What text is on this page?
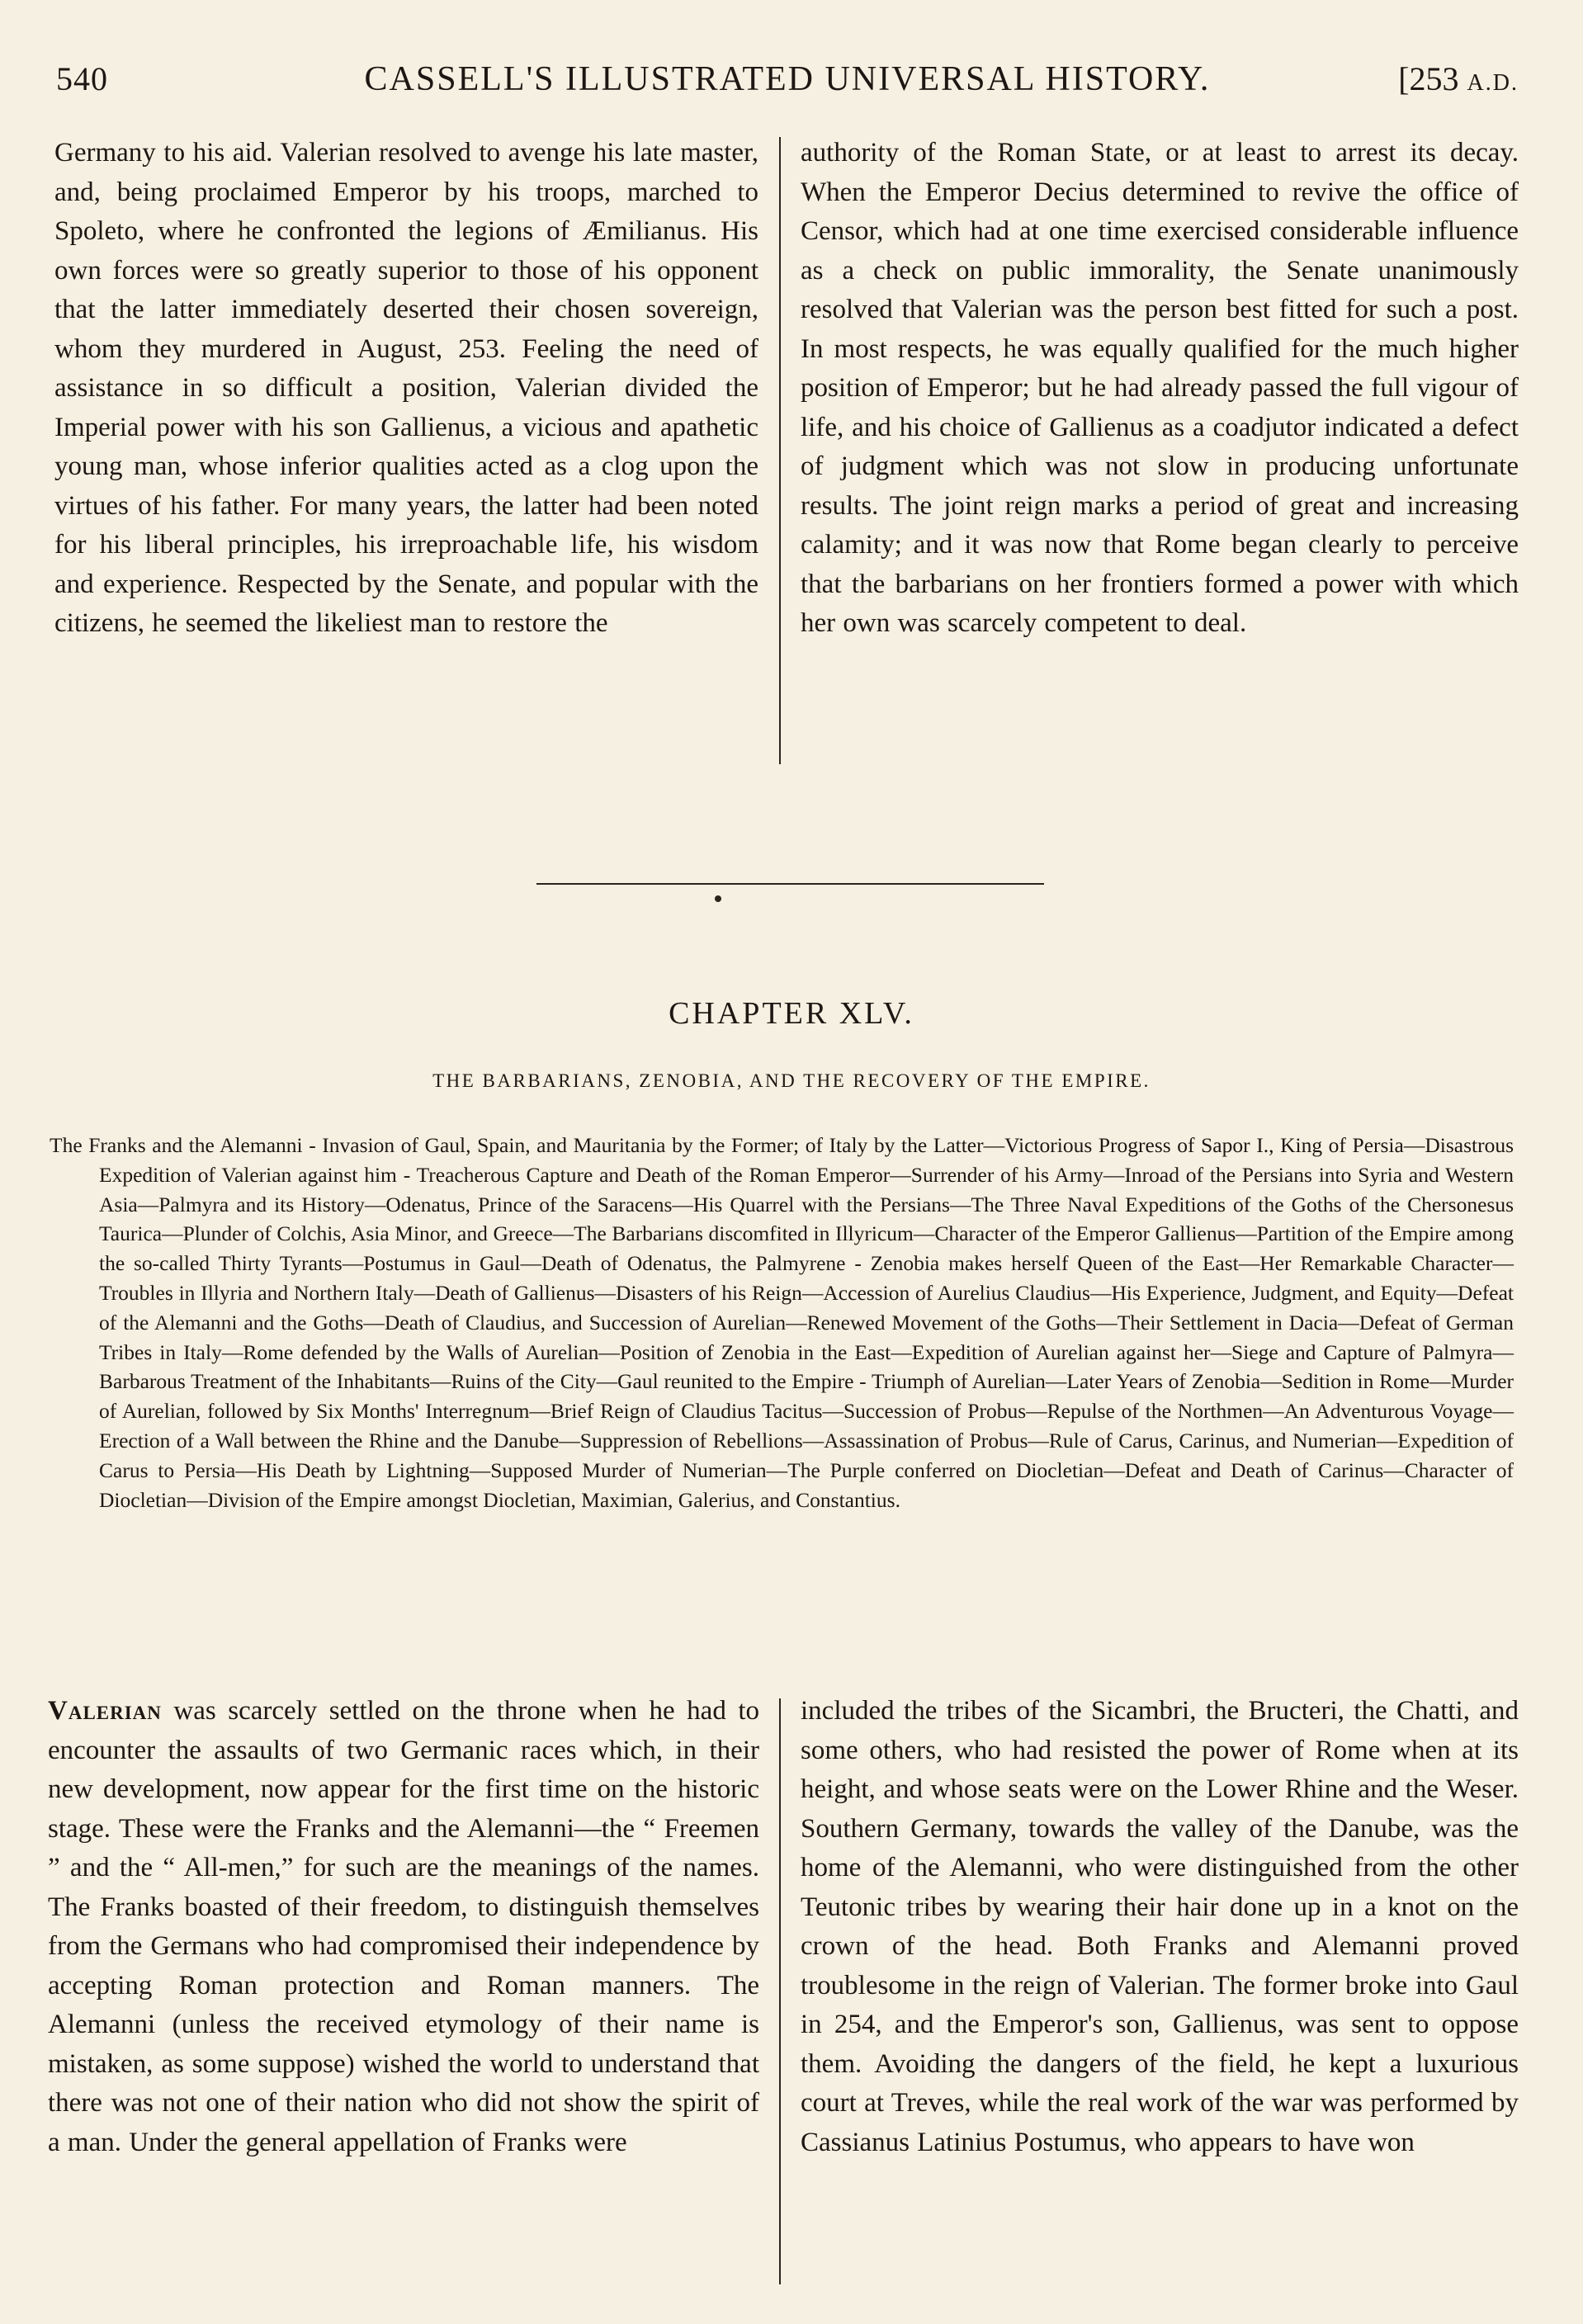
540	CASSELL'S ILLUSTRATED UNIVERSAL HISTORY.	[253 A.D.

Germany to his aid. Valerian resolved to avenge his late master, and, being proclaimed Emperor by his troops, marched to Spoleto, where he confronted the legions of Æmilianus. His own forces were so greatly superior to those of his opponent that the latter immediately deserted their chosen sovereign, whom they murdered in August, 253. Feeling the need of assistance in so difficult a position, Valerian divided the Imperial power with his son Gallienus, a vicious and apathetic young man, whose inferior qualities acted as a clog upon the virtues of his father. For many years, the latter had been noted for his liberal principles, his irreproachable life, his wisdom and experience. Respected by the Senate, and popular with the citizens, he seemed the likeliest man to restore the

authority of the Roman State, or at least to arrest its decay. When the Emperor Decius determined to revive the office of Censor, which had at one time exercised considerable influence as a check on public immorality, the Senate unanimously resolved that Valerian was the person best fitted for such a post. In most respects, he was equally qualified for the much higher position of Emperor; but he had already passed the full vigour of life, and his choice of Gallienus as a coadjutor indicated a defect of judgment which was not slow in producing unfortunate results. The joint reign marks a period of great and increasing calamity; and it was now that Rome began clearly to perceive that the barbarians on her frontiers formed a power with which her own was scarcely competent to deal.

CHAPTER XLV.
THE BARBARIANS, ZENOBIA, AND THE RECOVERY OF THE EMPIRE.
The Franks and the Alemanni - Invasion of Gaul, Spain, and Mauritania by the Former; of Italy by the Latter—Victorious Progress of Sapor I., King of Persia—Disastrous Expedition of Valerian against him - Treacherous Capture and Death of the Roman Emperor—Surrender of his Army—Inroad of the Persians into Syria and Western Asia—Palmyra and its History—Odenatus, Prince of the Saracens—His Quarrel with the Persians—The Three Naval Expeditions of the Goths of the Chersonesus Taurica—Plunder of Colchis, Asia Minor, and Greece—The Barbarians discomfited in Illyricum—Character of the Emperor Gallienus—Partition of the Empire among the so-called Thirty Tyrants—Postumus in Gaul—Death of Odenatus, the Palmyrene - Zenobia makes herself Queen of the East—Her Remarkable Character—Troubles in Illyria and Northern Italy—Death of Gallienus—Disasters of his Reign—Accession of Aurelius Claudius—His Experience, Judgment, and Equity—Defeat of the Alemanni and the Goths—Death of Claudius, and Succession of Aurelian—Renewed Movement of the Goths—Their Settlement in Dacia—Defeat of German Tribes in Italy—Rome defended by the Walls of Aurelian—Position of Zenobia in the East—Expedition of Aurelian against her—Siege and Capture of Palmyra—Barbarous Treatment of the Inhabitants—Ruins of the City—Gaul reunited to the Empire - Triumph of Aurelian—Later Years of Zenobia—Sedition in Rome—Murder of Aurelian, followed by Six Months' Interregnum—Brief Reign of Claudius Tacitus—Succession of Probus—Repulse of the Northmen—An Adventurous Voyage—Erection of a Wall between the Rhine and the Danube—Suppression of Rebellions—Assassination of Probus—Rule of Carus, Carinus, and Numerian—Expedition of Carus to Persia—His Death by Lightning—Supposed Murder of Numerian—The Purple conferred on Diocletian—Defeat and Death of Carinus—Character of Diocletian—Division of the Empire amongst Diocletian, Maximian, Galerius, and Constantius.

Valerian was scarcely settled on the throne when he had to encounter the assaults of two Germanic races which, in their new development, now appear for the first time on the historic stage. These were the Franks and the Alemanni—the “ Freemen ” and the “ All-men,” for such are the meanings of the names. The Franks boasted of their freedom, to distinguish themselves from the Germans who had compromised their independence by accepting Roman protection and Roman manners. The Alemanni (unless the received etymology of their name is mistaken, as some suppose) wished the world to understand that there was not one of their nation who did not show the spirit of a man. Under the general appellation of Franks were

included the tribes of the Sicambri, the Bructeri, the Chatti, and some others, who had resisted the power of Rome when at its height, and whose seats were on the Lower Rhine and the Weser. Southern Germany, towards the valley of the Danube, was the home of the Alemanni, who were distinguished from the other Teutonic tribes by wearing their hair done up in a knot on the crown of the head. Both Franks and Alemanni proved troublesome in the reign of Valerian. The former broke into Gaul in 254, and the Emperor's son, Gallienus, was sent to oppose them. Avoiding the dangers of the field, he kept a luxurious court at Treves, while the real work of the war was performed by Cassianus Latinius Postumus, who appears to have won
